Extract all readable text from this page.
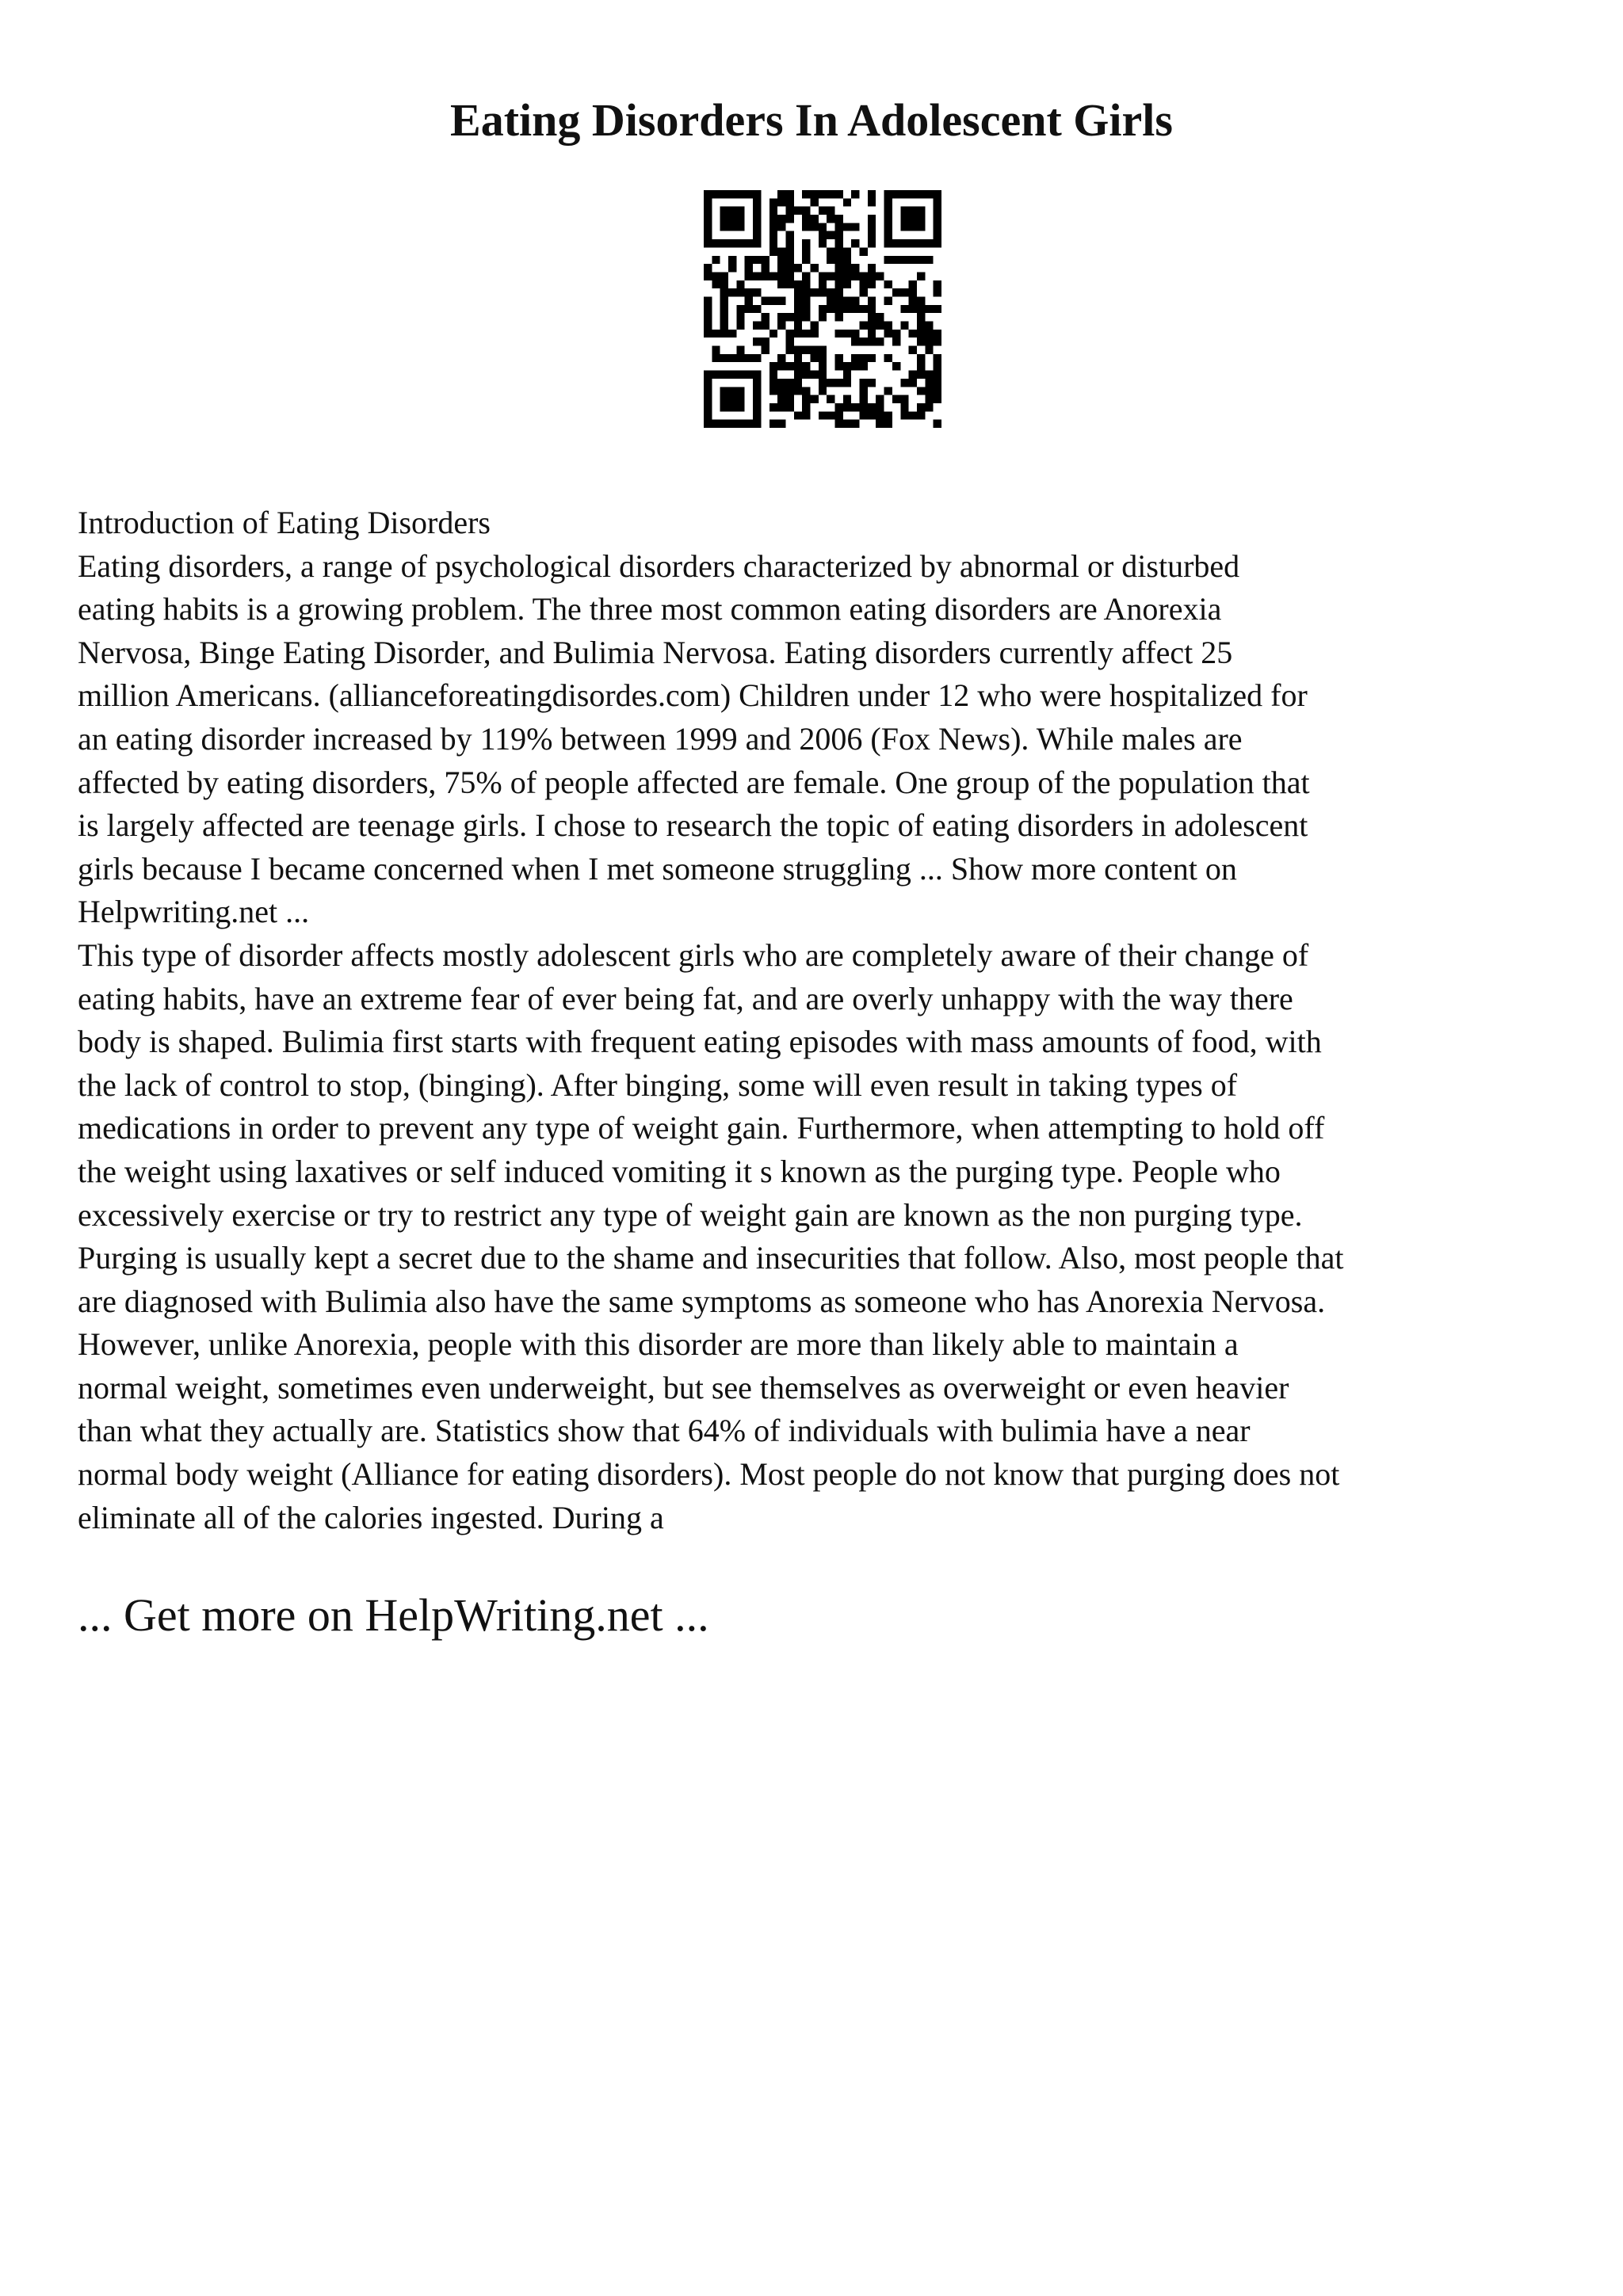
Eating Disorders In Adolescent Girls

Introduction of Eating Disorders
Eating disorders, a range of psychological disorders characterized by abnormal or disturbed
eating habits is a growing problem. The three most common eating disorders are Anorexia
Nervosa, Binge Eating Disorder, and Bulimia Nervosa. Eating disorders currently affect 25
million Americans. (allianceforeatingdisordes.com) Children under 12 who were hospitalized for
an eating disorder increased by 119% between 1999 and 2006 (Fox News). While males are
affected by eating disorders, 75% of people affected are female. One group of the population that
is largely affected are teenage girls. I chose to research the topic of eating disorders in adolescent
girls because I became concerned when I met someone struggling ... Show more content on
Helpwriting.net ...

This type of disorder affects mostly adolescent girls who are completely aware of their change of
eating habits, have an extreme fear of ever being fat, and are overly unhappy with the way there
body is shaped. Bulimia first starts with frequent eating episodes with mass amounts of food, with
the lack of control to stop, (binging). After binging, some will even result in taking types of
medications in order to prevent any type of weight gain. Furthermore, when attempting to hold off
the weight using laxatives or self induced vomiting it s known as the purging type. People who
excessively exercise or try to restrict any type of weight gain are known as the non purging type.
Purging is usually kept a secret due to the shame and insecurities that follow. Also, most people that
are diagnosed with Bulimia also have the same symptoms as someone who has Anorexia Nervosa.
However, unlike Anorexia, people with this disorder are more than likely able to maintain a
normal weight, sometimes even underweight, but see themselves as overweight or even heavier
than what they actually are. Statistics show that 64% of individuals with bulimia have a near
normal body weight (Alliance for eating disorders). Most people do not know that purging does not
eliminate all of the calories ingested. During a

... Get more on HelpWriting.net ...
